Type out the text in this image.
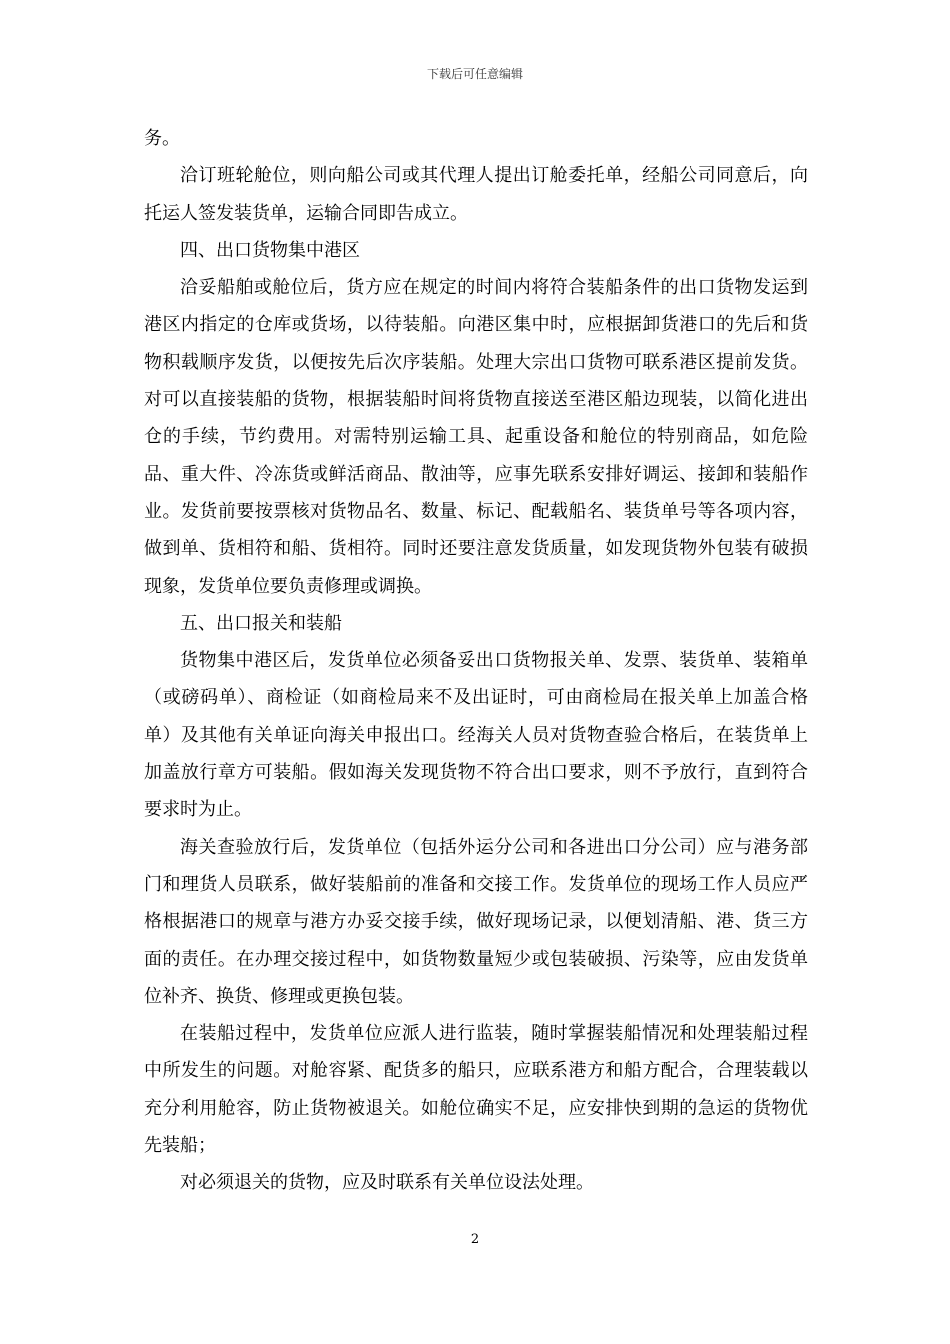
下载后可任意编辑

务。

洽订班轮舱位，则向船公司或其代理人提出订舱委托单，经船公司同意后，向托运人签发装货单，运输合同即告成立。

四、出口货物集中港区

洽妥船舶或舱位后，货方应在规定的时间内将符合装船条件的出口货物发运到港区内指定的仓库或货场，以待装船。向港区集中时，应根据卸货港口的先后和货物积载顺序发货，以便按先后次序装船。处理大宗出口货物可联系港区提前发货。对可以直接装船的货物，根据装船时间将货物直接送至港区船边现装，以简化进出仓的手续，节约费用。对需特别运输工具、起重设备和舱位的特别商品，如危险品、重大件、冷冻货或鲜活商品、散油等，应事先联系安排好调运、接卸和装船作业。发货前要按票核对货物品名、数量、标记、配载船名、装货单号等各项内容，做到单、货相符和船、货相符。同时还要注意发货质量，如发现货物外包装有破损现象，发货单位要负责修理或调换。

五、出口报关和装船

货物集中港区后，发货单位必须备妥出口货物报关单、发票、装货单、装箱单（或磅码单）、商检证（如商检局来不及出证时，可由商检局在报关单上加盖合格单）及其他有关单证向海关申报出口。经海关人员对货物查验合格后，在装货单上加盖放行章方可装船。假如海关发现货物不符合出口要求，则不予放行，直到符合要求时为止。

海关查验放行后，发货单位（包括外运分公司和各进出口分公司）应与港务部门和理货人员联系，做好装船前的准备和交接工作。发货单位的现场工作人员应严格根据港口的规章与港方办妥交接手续，做好现场记录，以便划清船、港、货三方面的责任。在办理交接过程中，如货物数量短少或包装破损、污染等，应由发货单位补齐、换货、修理或更换包装。

在装船过程中，发货单位应派人进行监装，随时掌握装船情况和处理装船过程中所发生的问题。对舱容紧、配货多的船只，应联系港方和船方配合，合理装载以充分利用舱容，防止货物被退关。如舱位确实不足，应安排快到期的急运的货物优先装船；

对必须退关的货物，应及时联系有关单位设法处理。

2
